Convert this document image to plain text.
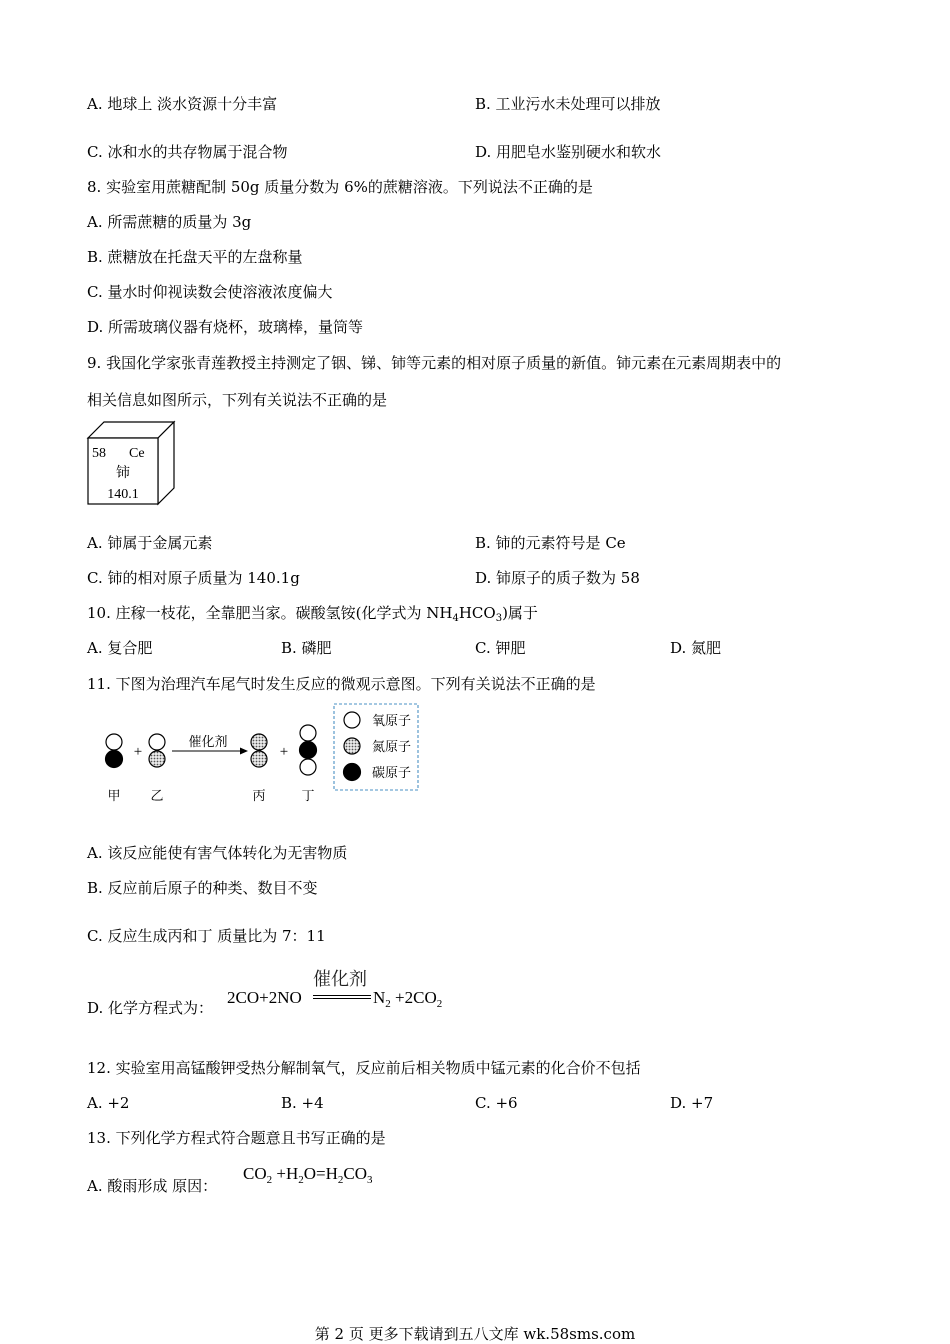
A. 地球上 淡水资源十分丰富	B. 工业污水未处理可以排放
C. 冰和水的共存物属于混合物	D. 用肥皂水鉴别硬水和软水
8. 实验室用蔗糖配制 50g 质量分数为 6%的蔗糖溶液。下列说法不正确的是
A. 所需蔗糖的质量为 3g
B. 蔗糖放在托盘天平的左盘称量
C. 量水时仰视读数会使溶液浓度偏大
D. 所需玻璃仪器有烧杯，玻璃棒，量筒等
9. 我国化学家张青莲教授主持测定了铟、锑、铈等元素的相对原子质量的新值。铈元素在元素周期表中的
相关信息如图所示，下列有关说法不正确的是
58 Ce
铈
140.1
A. 铈属于金属元素	B. 铈的元素符号是 Ce
C. 铈的相对原子质量为 140.1g	D. 铈原子的质子数为 58
10. 庄稼一枝花，全靠肥当家。碳酸氢铵(化学式为 $NH_4HCO_3$)属于
A. 复合肥	B. 磷肥	C. 钾肥	D. 氮肥
11. 下图为治理汽车尾气时发生反应的微观示意图。下列有关说法不正确的是
+
催化剂
+
甲 乙	丙	丁
氧原子
氮原子
碳原子
A. 该反应能使有害气体转化为无害物质
B. 反应前后原子的种类、数目不变
C. 反应生成丙和丁 质量比为 7：11
D. 化学方程式为：
2CO+2NO
催化剂
$N_2 +2CO_2$
12. 实验室用高锰酸钾受热分解制氧气，反应前后相关物质中锰元素的化合价不包括
A. +2	B. +4	C. +6	D. +7
13. 下列化学方程式符合题意且书写正确的是
A. 酸雨形成 原因：
$CO_2 +H_2O=H_2CO_3$
第 2 页 更多下载请到五八文库 wk.58sms.com
